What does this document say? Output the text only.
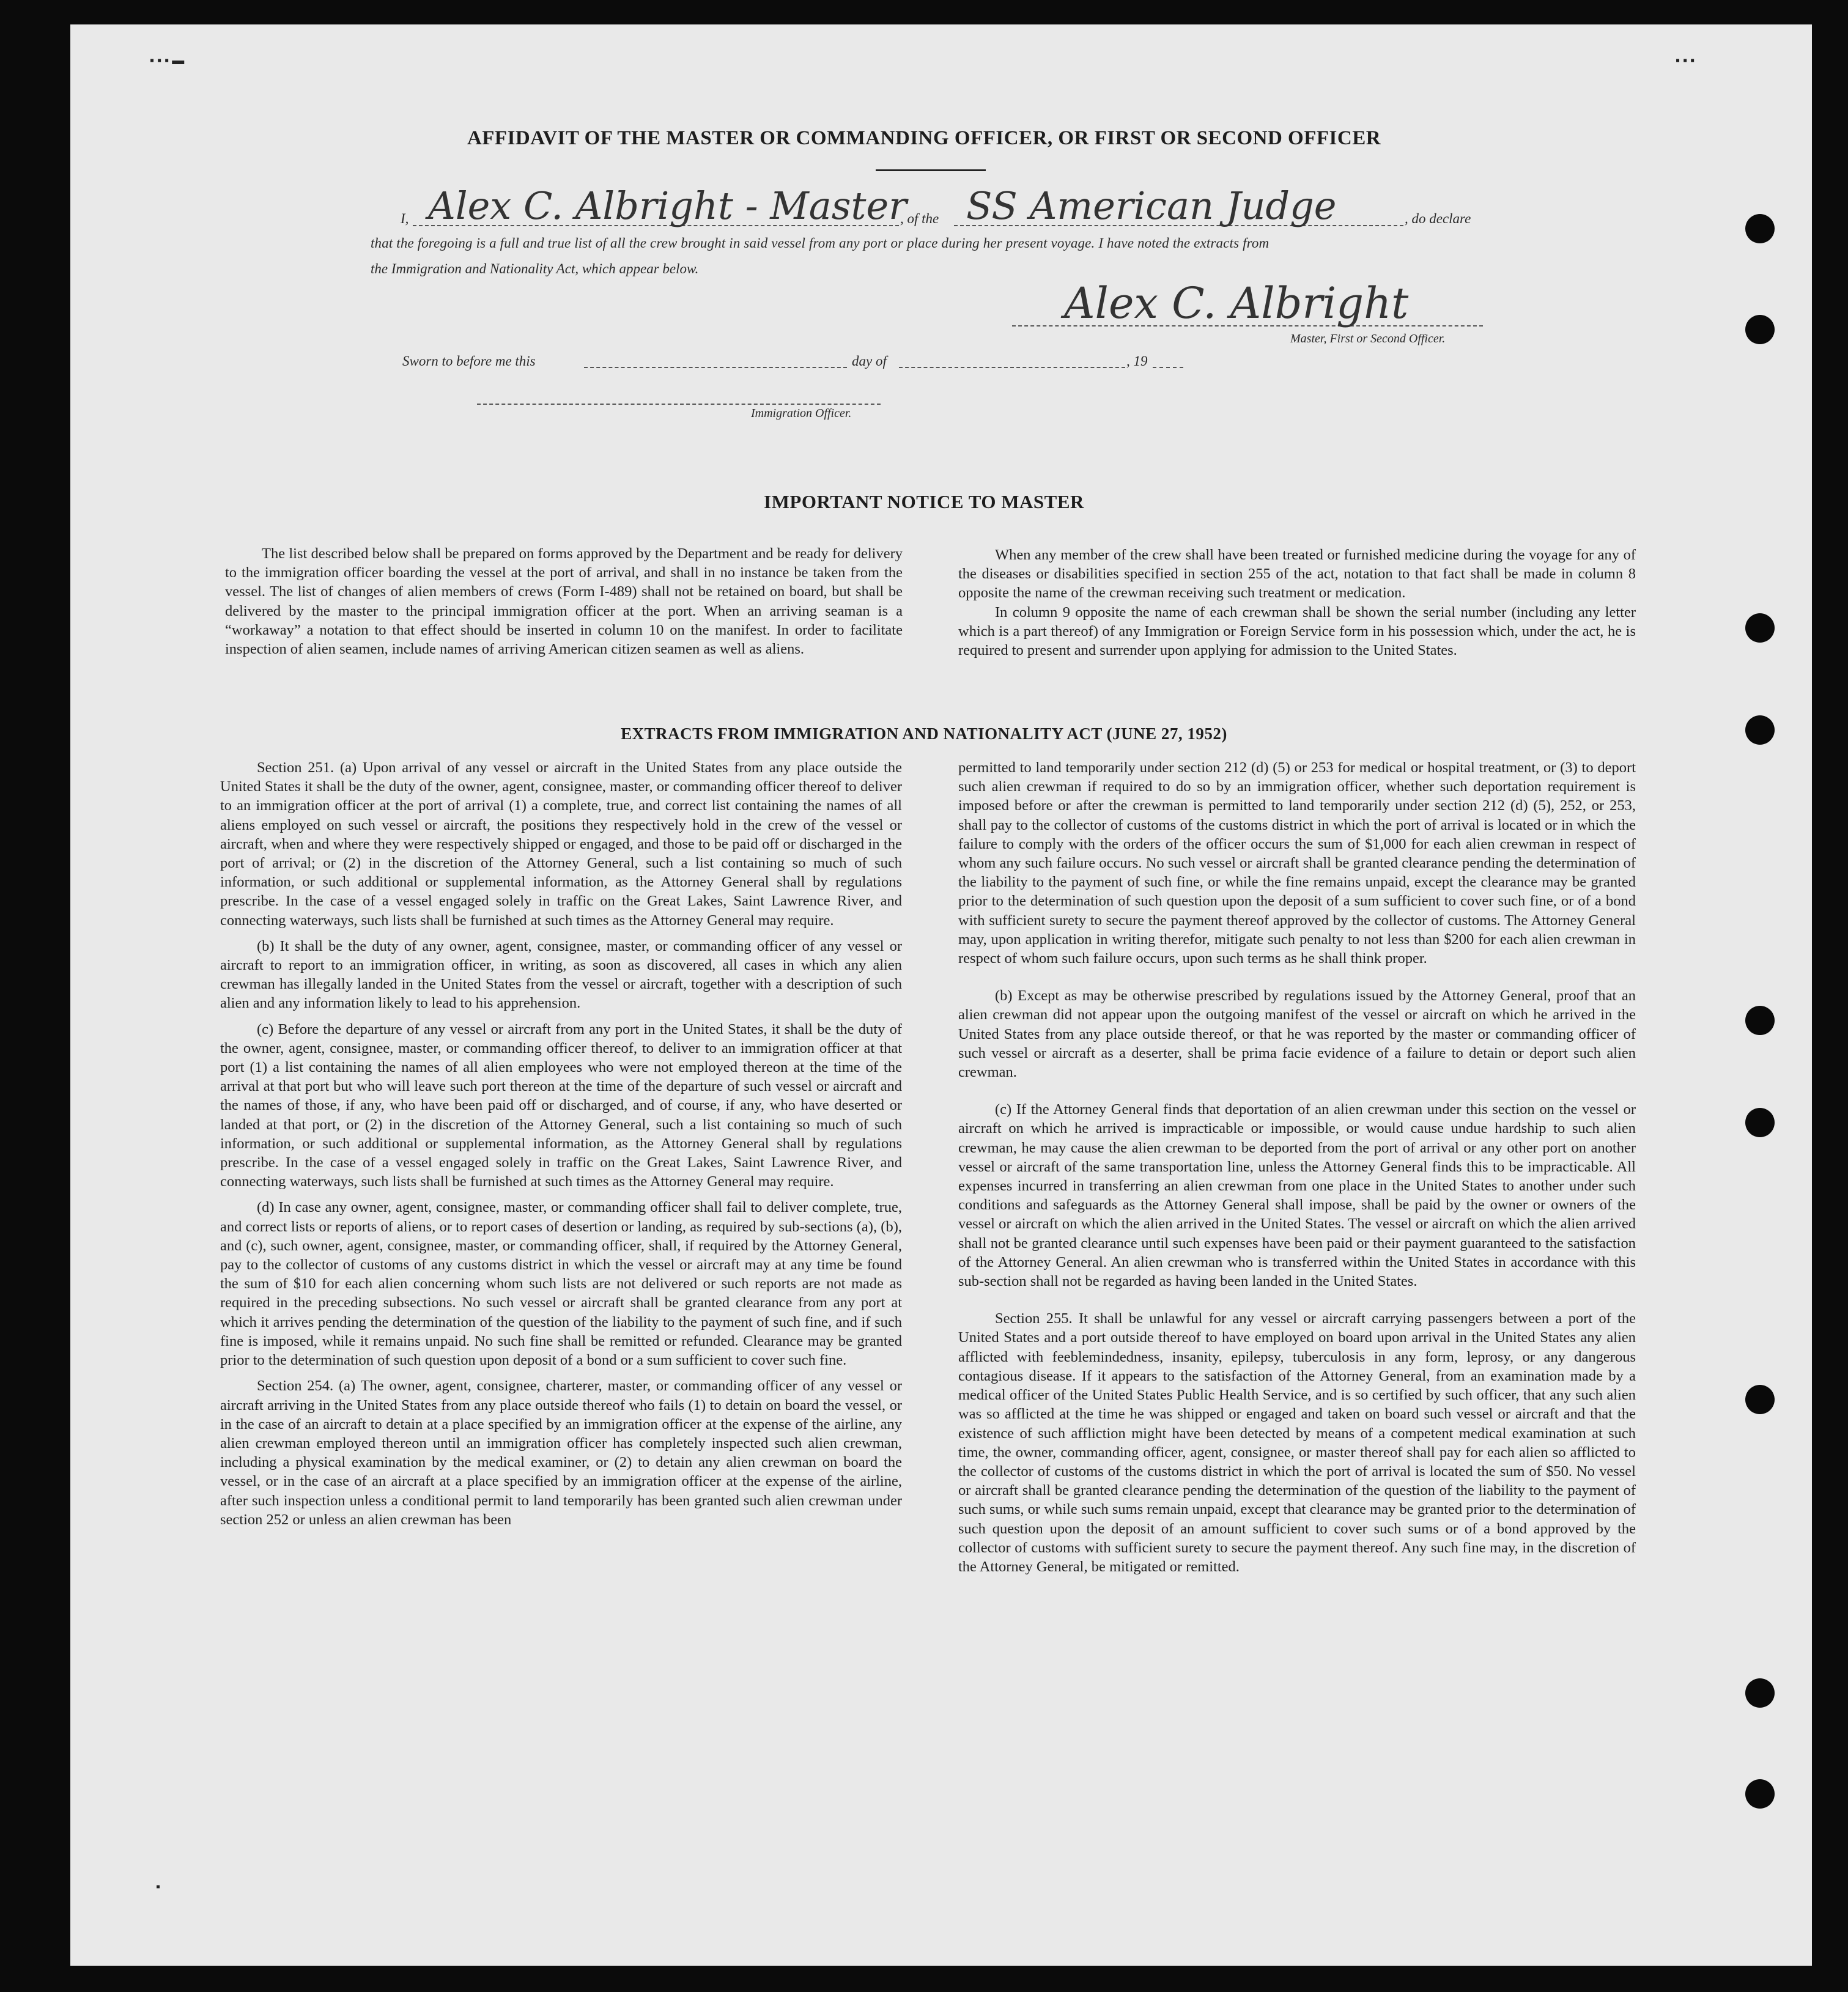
▪ ▪ ▪ ▬	▪ ▪ ▪
▪
AFFIDAVIT OF THE MASTER OR COMMANDING OFFICER, OR FIRST OR SECOND OFFICER
I, Alex C. Albright - Master
, of the SS American Judge	, do declare
that the foregoing is a full and true list of all the crew brought in said vessel from any port or place during her present voyage. I have noted the extracts from
the Immigration and Nationality Act, which appear below.
Alex C. Albright
Master, First or Second Officer.
Sworn to before me this	day of	, 19
Immigration Officer.
IMPORTANT NOTICE TO MASTER

The list described below shall be prepared on forms approved by the Department and be ready for delivery to the immigration officer boarding the vessel at the port of arrival, and shall in no instance be taken from the vessel. The list of changes of alien members of crews (Form I-489) shall not be retained on board, but shall be delivered by the master to the principal immigration officer at the port. When an arriving seaman is a “workaway” a notation to that effect should be inserted in column 10 on the manifest. In order to facilitate inspection of alien seamen, include names of arriving American citizen seamen as well as aliens.

When any member of the crew shall have been treated or furnished medicine during the voyage for any of the diseases or disabilities specified in section 255 of the act, notation to that fact shall be made in column 8 opposite the name of the crewman receiving such treatment or medication.

In column 9 opposite the name of each crewman shall be shown the serial number (including any letter which is a part thereof) of any Immigration or Foreign Service form in his possession which, under the act, he is required to present and surrender upon applying for admission to the United States.

EXTRACTS FROM IMMIGRATION AND NATIONALITY ACT (JUNE 27, 1952)

Section 251. (a) Upon arrival of any vessel or aircraft in the United States from any place outside the United States it shall be the duty of the owner, agent, consignee, master, or commanding officer thereof to deliver to an immigration officer at the port of arrival (1) a complete, true, and correct list containing the names of all aliens employed on such vessel or aircraft, the positions they respectively hold in the crew of the vessel or aircraft, when and where they were respectively shipped or engaged, and those to be paid off or discharged in the port of arrival; or (2) in the discretion of the Attorney General, such a list containing so much of such information, or such additional or supplemental information, as the Attorney General shall by regulations prescribe. In the case of a vessel engaged solely in traffic on the Great Lakes, Saint Lawrence River, and connecting waterways, such lists shall be furnished at such times as the Attorney General may require.

(b) It shall be the duty of any owner, agent, consignee, master, or commanding officer of any vessel or aircraft to report to an immigration officer, in writing, as soon as discovered, all cases in which any alien crewman has illegally landed in the United States from the vessel or aircraft, together with a description of such alien and any information likely to lead to his apprehension.

(c) Before the departure of any vessel or aircraft from any port in the United States, it shall be the duty of the owner, agent, consignee, master, or commanding officer thereof, to deliver to an immigration officer at that port (1) a list containing the names of all alien employees who were not employed thereon at the time of the arrival at that port but who will leave such port thereon at the time of the departure of such vessel or aircraft and the names of those, if any, who have been paid off or discharged, and of course, if any, who have deserted or landed at that port, or (2) in the discretion of the Attorney General, such a list containing so much of such information, or such additional or supplemental information, as the Attorney General shall by regulations prescribe. In the case of a vessel engaged solely in traffic on the Great Lakes, Saint Lawrence River, and connecting waterways, such lists shall be furnished at such times as the Attorney General may require.

(d) In case any owner, agent, consignee, master, or commanding officer shall fail to deliver complete, true, and correct lists or reports of aliens, or to report cases of desertion or landing, as required by sub-sections (a), (b), and (c), such owner, agent, consignee, master, or commanding officer, shall, if required by the Attorney General, pay to the collector of customs of any customs district in which the vessel or aircraft may at any time be found the sum of $10 for each alien concerning whom such lists are not delivered or such reports are not made as required in the preceding subsections. No such vessel or aircraft shall be granted clearance from any port at which it arrives pending the determination of the question of the liability to the payment of such fine, and if such fine is imposed, while it remains unpaid. No such fine shall be remitted or refunded. Clearance may be granted prior to the determination of such question upon deposit of a bond or a sum sufficient to cover such fine.

Section 254. (a) The owner, agent, consignee, charterer, master, or commanding officer of any vessel or aircraft arriving in the United States from any place outside thereof who fails (1) to detain on board the vessel, or in the case of an aircraft to detain at a place specified by an immigration officer at the expense of the airline, any alien crewman employed thereon until an immigration officer has completely inspected such alien crewman, including a physical examination by the medical examiner, or (2) to detain any alien crewman on board the vessel, or in the case of an aircraft at a place specified by an immigration officer at the expense of the airline, after such inspection unless a conditional permit to land temporarily has been granted such alien crewman under section 252 or unless an alien crewman has been

permitted to land temporarily under section 212 (d) (5) or 253 for medical or hospital treatment, or (3) to deport such alien crewman if required to do so by an immigration officer, whether such deportation requirement is imposed before or after the crewman is permitted to land temporarily under section 212 (d) (5), 252, or 253, shall pay to the collector of customs of the customs district in which the port of arrival is located or in which the failure to comply with the orders of the officer occurs the sum of $1,000 for each alien crewman in respect of whom any such failure occurs. No such vessel or aircraft shall be granted clearance pending the determination of the liability to the payment of such fine, or while the fine remains unpaid, except the clearance may be granted prior to the determination of such question upon the deposit of a sum sufficient to cover such fine, or of a bond with sufficient surety to secure the payment thereof approved by the collector of customs. The Attorney General may, upon application in writing therefor, mitigate such penalty to not less than $200 for each alien crewman in respect of whom such failure occurs, upon such terms as he shall think proper.

(b) Except as may be otherwise prescribed by regulations issued by the Attorney General, proof that an alien crewman did not appear upon the outgoing manifest of the vessel or aircraft on which he arrived in the United States from any place outside thereof, or that he was reported by the master or commanding officer of such vessel or aircraft as a deserter, shall be prima facie evidence of a failure to detain or deport such alien crewman.

(c) If the Attorney General finds that deportation of an alien crewman under this section on the vessel or aircraft on which he arrived is impracticable or impossible, or would cause undue hardship to such alien crewman, he may cause the alien crewman to be deported from the port of arrival or any other port on another vessel or aircraft of the same transportation line, unless the Attorney General finds this to be impracticable. All expenses incurred in transferring an alien crewman from one place in the United States to another under such conditions and safeguards as the Attorney General shall impose, shall be paid by the owner or owners of the vessel or aircraft on which the alien arrived in the United States. The vessel or aircraft on which the alien arrived shall not be granted clearance until such expenses have been paid or their payment guaranteed to the satisfaction of the Attorney General. An alien crewman who is transferred within the United States in accordance with this sub-section shall not be regarded as having been landed in the United States.

Section 255. It shall be unlawful for any vessel or aircraft carrying passengers between a port of the United States and a port outside thereof to have employed on board upon arrival in the United States any alien afflicted with feeblemindedness, insanity, epilepsy, tuberculosis in any form, leprosy, or any dangerous contagious disease. If it appears to the satisfaction of the Attorney General, from an examination made by a medical officer of the United States Public Health Service, and is so certified by such officer, that any such alien was so afflicted at the time he was shipped or engaged and taken on board such vessel or aircraft and that the existence of such affliction might have been detected by means of a competent medical examination at such time, the owner, commanding officer, agent, consignee, or master thereof shall pay for each alien so afflicted to the collector of customs of the customs district in which the port of arrival is located the sum of $50. No vessel or aircraft shall be granted clearance pending the determination of the question of the liability to the payment of such sums, or while such sums remain unpaid, except that clearance may be granted prior to the determination of such question upon the deposit of an amount sufficient to cover such sums or of a bond approved by the collector of customs with sufficient surety to secure the payment thereof. Any such fine may, in the discretion of the Attorney General, be mitigated or remitted.
